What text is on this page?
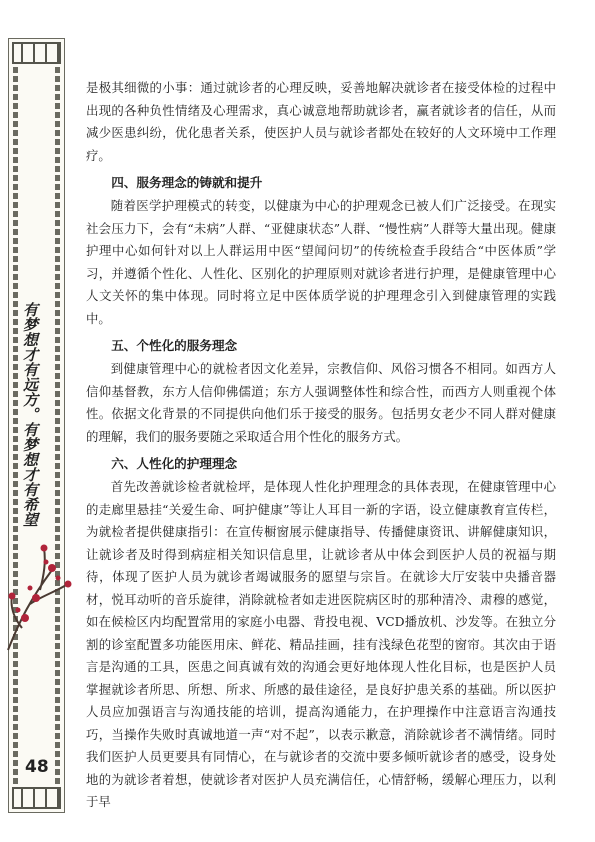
有梦想才有远方。有梦想才有希望
48

是极其细微的小事：通过就诊者的心理反映，妥善地解决就诊者在接受体检的过程中出现的各种负性情绪及心理需求，真心诚意地帮助就诊者，赢者就诊者的信任，从而减少医患纠纷，优化患者关系，使医护人员与就诊者都处在较好的人文环境中工作理疗。

四、服务理念的铸就和提升

随着医学护理模式的转变，以健康为中心的护理观念已被人们广泛接受。在现实社会压力下，会有“未病”人群、“亚健康状态”人群、“慢性病”人群等大量出现。健康护理中心如何针对以上人群运用中医“望闻问切”的传统检查手段结合“中医体质”学习，并遵循个性化、人性化、区别化的护理原则对就诊者进行护理，是健康管理中心人文关怀的集中体现。同时将立足中医体质学说的护理理念引入到健康管理的实践中。

五、个性化的服务理念

到健康管理中心的就检者因文化差异，宗教信仰、风俗习惯各不相同。如西方人信仰基督教，东方人信仰佛儒道；东方人强调整体性和综合性，而西方人则重视个体性。依据文化背景的不同提供向他们乐于接受的服务。包括男女老少不同人群对健康的理解，我们的服务要随之采取适合用个性化的服务方式。

六、人性化的护理理念

首先改善就诊检者就检坪，是体现人性化护理理念的具体表现，在健康管理中心的走廊里悬挂“关爱生命、呵护健康”等让人耳目一新的字语，设立健康教育宣传栏，为就检者提供健康指引：在宣传橱窗展示健康指导、传播健康资讯、讲解健康知识，让就诊者及时得到病症相关知识信息里，让就诊者从中体会到医护人员的祝福与期待，体现了医护人员为就诊者竭诚服务的愿望与宗旨。在就诊大厅安装中央播音器材，悦耳动听的音乐旋律，消除就检者如走进医院病区时的那种清冷、肃穆的感觉，如在候检区内均配置常用的家庭小电器、背投电视、VCD播放机、沙发等。在独立分割的诊室配置多功能医用床、鲜花、精品挂画，挂有浅绿色花型的窗帘。其次由于语言是沟通的工具，医患之间真诚有效的沟通会更好地体现人性化目标，也是医护人员掌握就诊者所思、所想、所求、所感的最佳途径，是良好护患关系的基础。所以医护人员应加强语言与沟通技能的培训，提高沟通能力，在护理操作中注意语言沟通技巧，当操作失败时真诚地道一声“对不起”，以表示歉意，消除就诊者不满情绪。同时我们医护人员更要具有同情心，在与就诊者的交流中要多倾听就诊者的感受，设身处地的为就诊者着想，使就诊者对医护人员充满信任，心情舒畅，缓解心理压力，以利于早
